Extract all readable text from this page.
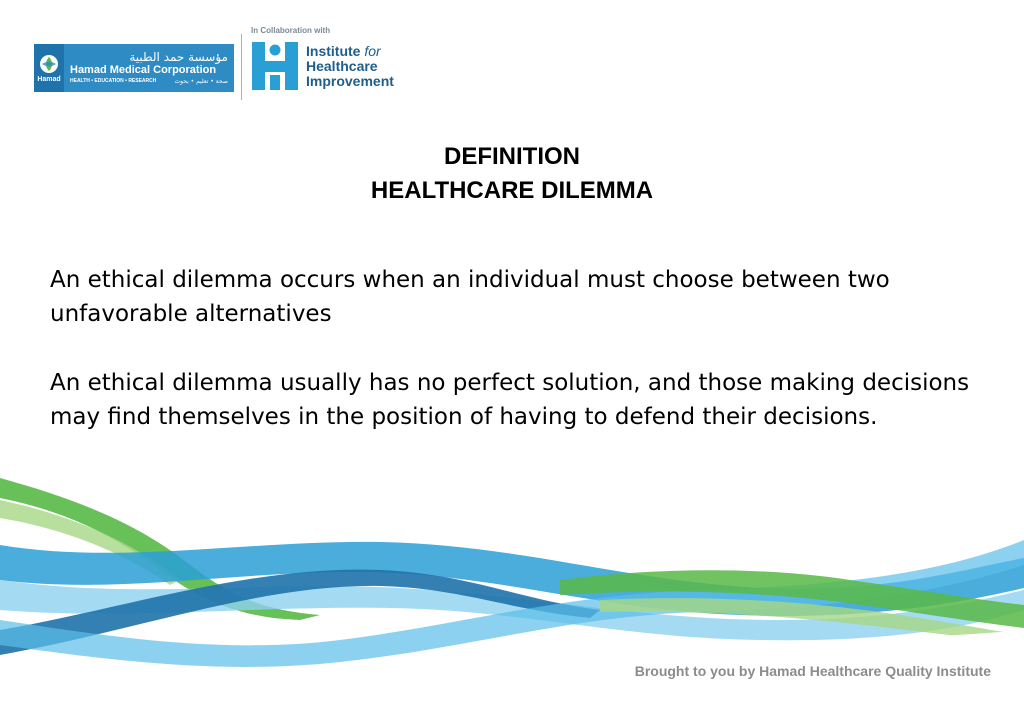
Hamad
مؤسسة حمد الطبية
Hamad Medical Corporation
HEALTH • EDUCATION • RESEARCH	صحة • تعليم • بحوث
In Collaboration with
Institute for
Healthcare
Improvement
DEFINITION
HEALTHCARE DILEMMA

An ethical dilemma occurs when an individual must choose between two unfavorable alternatives

An ethical dilemma usually has no perfect solution, and those making decisions may find themselves in the position of having to defend their decisions.

Brought to you by Hamad Healthcare Quality Institute
